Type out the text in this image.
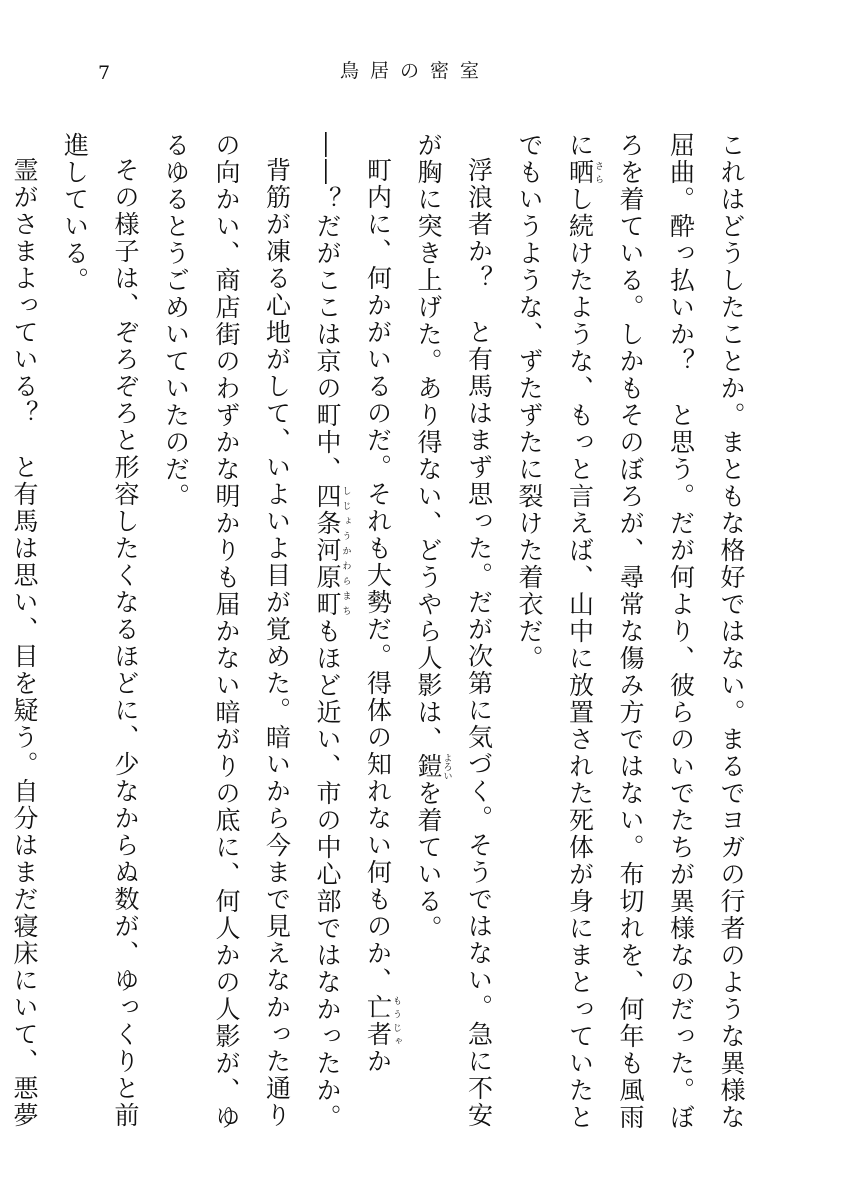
7	鳥居の密室

これはどうしたことか。まともな格好ではない。まるでヨガの行者のような異様な屈曲。酔っ払いか？　と思う。だが何より、彼らのいでたちが異様なのだった。ぼろを着ている。しかもそのぼろが、尋常な傷み方ではない。布切れを、何年も風雨に晒さらし続けたような、もっと言えば、山中に放置された死体が身にまとっていたとでもいうような、ずたずたに裂けた着衣だ。

浮浪者か？　と有馬はまず思った。だが次第に気づく。そうではない。急に不安が胸に突き上げた。あり得ない、どうやら人影は、鎧よろいを着ている。

町内に、何かがいるのだ。それも大勢だ。得体の知れない何ものか、亡者もうじゃか――？だがここは京の町中、四条河原町しじょうかわらまちもほど近い、市の中心部ではなかったか。

背筋が凍る心地がして、いよいよ目が覚めた。暗いから今まで見えなかった通りの向かい、商店街のわずかな明かりも届かない暗がりの底に、何人かの人影が、ゆるゆるとうごめいていたのだ。

その様子は、ぞろぞろと形容したくなるほどに、少なからぬ数が、ゆっくりと前進している。

霊がさまよっている？　と有馬は思い、目を疑う。自分はまだ寝床にいて、悪夢　　　
